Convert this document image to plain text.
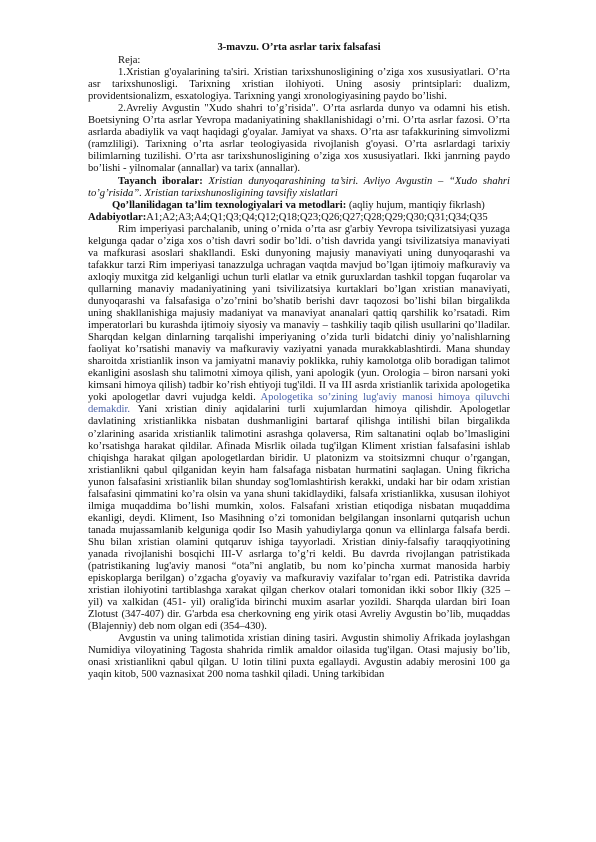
3-mavzu. O’rta asrlar tarix falsafasi

Reja:

1.Xristian g'oyalarining ta'siri. Xristian tarixshunosligining o’ziga xos xususiyatlari. O’rta asr tarixshunosligi. Tarixning xristian ilohiyoti. Uning asosiy printsiplari: dualizm, providentsionalizm, esxatologiya. Tarixning yangi xronologiyasining paydo bo’lishi.

2.Avreliy Avgustin "Xudo shahri to’g’risida". O’rta asrlarda dunyo va odamni his etish. Boetsiyning O’rta asrlar Yevropa madaniyatining shakllanishidagi o’rni. O’rta asrlar fazosi. O’rta asrlarda abadiylik va vaqt haqidagi g'oyalar. Jamiyat va shaxs. O’rta asr tafakkurining simvolizmi (ramzliligi). Tarixning o’rta asrlar teologiyasida rivojlanish g'oyasi. O’rta asrlardagi tarixiy bilimlarning tuzilishi. O’rta asr tarixshunosligining o’ziga xos xususiyatlari. Ikki janrning paydo bo’lishi - yilnomalar (annallar) va tarix (annallar).

Tayanch iboralar: Xristian dunyoqarashining ta’siri. Avliyo Avgustin – “Xudo shahri to’g’risida”. Xristian tarixshunosligining tavsifiy xislatlari

Qo’llanilidagan ta’lim texnologiyalari va metodlari: (aqliy hujum, mantiqiy fikrlash)

Adabiyotlar:A1;A2;A3;A4;Q1;Q3;Q4;Q12;Q18;Q23;Q26;Q27;Q28;Q29;Q30;Q31;Q34;Q35

Rim imperiyasi parchalanib, uning o’rnida o’rta asr g'arbiy Yevropa tsivilizatsiyasi yuzaga kelgunga qadar o’ziga xos o’tish davri sodir bo’ldi. o’tish davrida yangi tsivilizatsiya manaviyati va mafkurasi asoslari shakllandi. Eski dunyoning majusiy manaviyati uning dunyoqarashi va tafakkur tarzi Rim imperiyasi tanazzulga uchragan vaqtda mavjud bo’lgan ijtimoiy mafkuraviy va axloqiy muxitga zid kelganligi uchun turli elatlar va etnik guruxlardan tashkil topgan fuqarolar va qullarning manaviy madaniyatining yani tsivilizatsiya kurtaklari bo’lgan xristian manaviyati, dunyoqarashi va falsafasiga o’zo’rnini bo’shatib berishi davr taqozosi bo’lishi bilan birgalikda uning shakllanishiga majusiy madaniyat va manaviyat ananalari qattiq qarshilik ko’rsatadi. Rim imperatorlari bu kurashda ijtimoiy siyosiy va manaviy – tashkiliy taqib qilish usullarini qo’lladilar. Sharqdan kelgan dinlarning tarqalishi imperiyaning o’zida turli bidatchi diniy yo’nalishlarning faoliyat ko’rsatishi manaviy va mafkuraviy vaziyatni yanada murakkablashtirdi. Mana shunday sharoitda xristianlik inson va jamiyatni manaviy poklikka, ruhiy kamolotga olib boradigan talimot ekanligini asoslash shu talimotni ximoya qilish, yani apologik (yun. Orologia – biron narsani yoki kimsani himoya qilish) tadbir ko’rish ehtiyoji tug'ildi. II va III asrda xristianlik tarixida apologetika yoki apologetlar davri vujudga keldi. Apologetika so’zining lug'aviy manosi himoya qiluvchi demakdir. Yani xristian diniy aqidalarini turli xujumlardan himoya qilishdir. Apologetlar davlatining xristianlikka nisbatan dushmanligini bartaraf qilishga intilishi bilan birgalikda o’zlarining asarida xristianlik talimotini asrashga qolaversa, Rim saltanatini oqlab bo’lmasligini ko’rsatishga harakat qildilar. Afinada Misrlik oilada tug'ilgan Kliment xristian falsafasini ishlab chiqishga harakat qilgan apologetlardan biridir. U platonizm va stoitsizmni chuqur o’rgangan, xristianlikni qabul qilganidan keyin ham falsafaga nisbatan hurmatini saqlagan. Uning fikricha yunon falsafasini xristianlik bilan shunday sog'lomlashtirish kerakki, undaki har bir odam xristian falsafasini qimmatini ko’ra olsin va yana shuni takidlaydiki, falsafa xristianlikka, xususan ilohiyot ilmiga muqaddima bo’lishi mumkin, xolos. Falsafani xristian etiqodiga nisbatan muqaddima ekanligi, deydi. Kliment, Iso Masihning o’zi tomonidan belgilangan insonlarni qutqarish uchun tanada mujassamlanib kelguniga qodir Iso Masih yahudiylarga qonun va ellinlarga falsafa berdi. Shu bilan xristian olamini qutqaruv ishiga tayyorladi. Xristian diniy-falsafiy taraqqiyotining yanada rivojlanishi bosqichi III-V asrlarga to’g’ri keldi. Bu davrda rivojlangan patristikada (patristikaning lug'aviy manosi “ota”ni anglatib, bu nom ko’pincha xurmat manosida harbiy episkoplarga berilgan) o’zgacha g'oyaviy va mafkuraviy vazifalar to’rgan edi. Patristika davrida xristian ilohiyotini tartiblashga xarakat qilgan cherkov otalari tomonidan ikki sobor Ilkiy (325 – yil) va xalkidan (451- yil) oralig'ida birinchi muxim asarlar yozildi. Sharqda ulardan biri Ioan Zlotust (347-407) dir. G'arbda esa cherkovning eng yirik otasi Avreliy Avgustin bo’lib, muqaddas (Blajenniy) deb nom olgan edi (354–430).

Avgustin va uning talimotida xristian dining tasiri. Avgustin shimoliy Afrikada joylashgan Numidiya viloyatining Tagosta shahrida rimlik amaldor oilasida tug'ilgan. Otasi majusiy bo’lib, onasi xristianlikni qabul qilgan. U lotin tilini puxta egallaydi. Avgustin adabiy merosini 100 ga yaqin kitob, 500 vaznasixat 200 noma tashkil qiladi. Uning tarkibidan
